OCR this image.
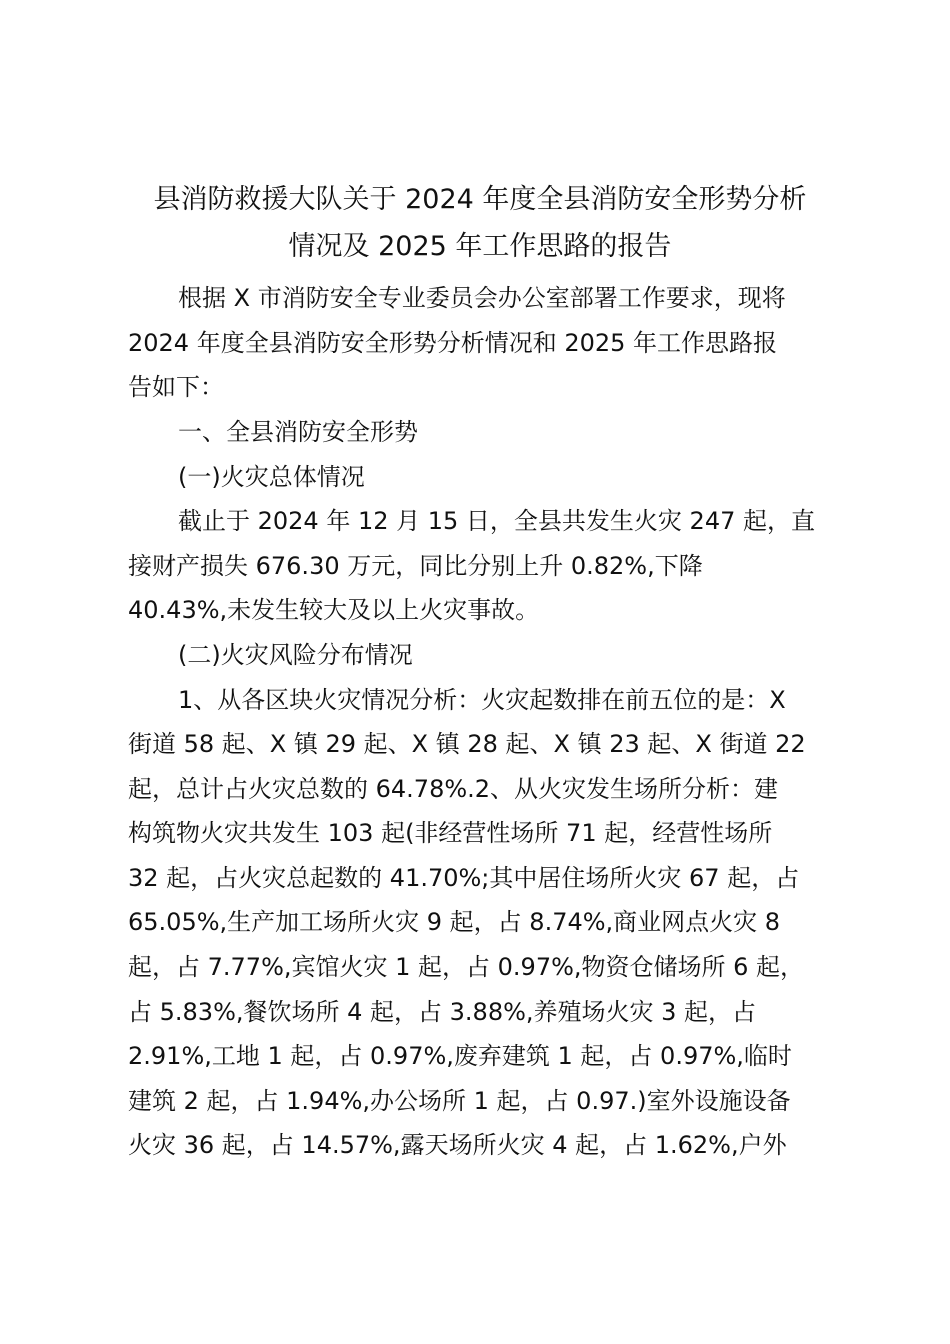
县消防救援大队关于 2024 年度全县消防安全形势分析
情况及 2025 年工作思路的报告

根据 X 市消防安全专业委员会办公室部署工作要求，现将

2024 年度全县消防安全形势分析情况和 2025 年工作思路报

告如下：

一、全县消防安全形势

(一)火灾总体情况

截止于 2024 年 12 月 15 日，全县共发生火灾 247 起，直

接财产损失 676.30 万元，同比分别上升 0.82%,下降

40.43%,未发生较大及以上火灾事故。

(二)火灾风险分布情况

1、从各区块火灾情况分析：火灾起数排在前五位的是：X

街道 58 起、X 镇 29 起、X 镇 28 起、X 镇 23 起、X 街道 22

起，总计占火灾总数的 64.78%.2、从火灾发生场所分析：建

构筑物火灾共发生 103 起(非经营性场所 71 起，经营性场所

32 起，占火灾总起数的 41.70%;其中居住场所火灾 67 起，占

65.05%,生产加工场所火灾 9 起，占 8.74%,商业网点火灾 8

起，占 7.77%,宾馆火灾 1 起，占 0.97%,物资仓储场所 6 起，

占 5.83%,餐饮场所 4 起，占 3.88%,养殖场火灾 3 起，占

2.91%,工地 1 起，占 0.97%,废弃建筑 1 起，占 0.97%,临时

建筑 2 起，占 1.94%,办公场所 1 起，占 0.97.)室外设施设备

火灾 36 起，占 14.57%,露天场所火灾 4 起，占 1.62%,户外
